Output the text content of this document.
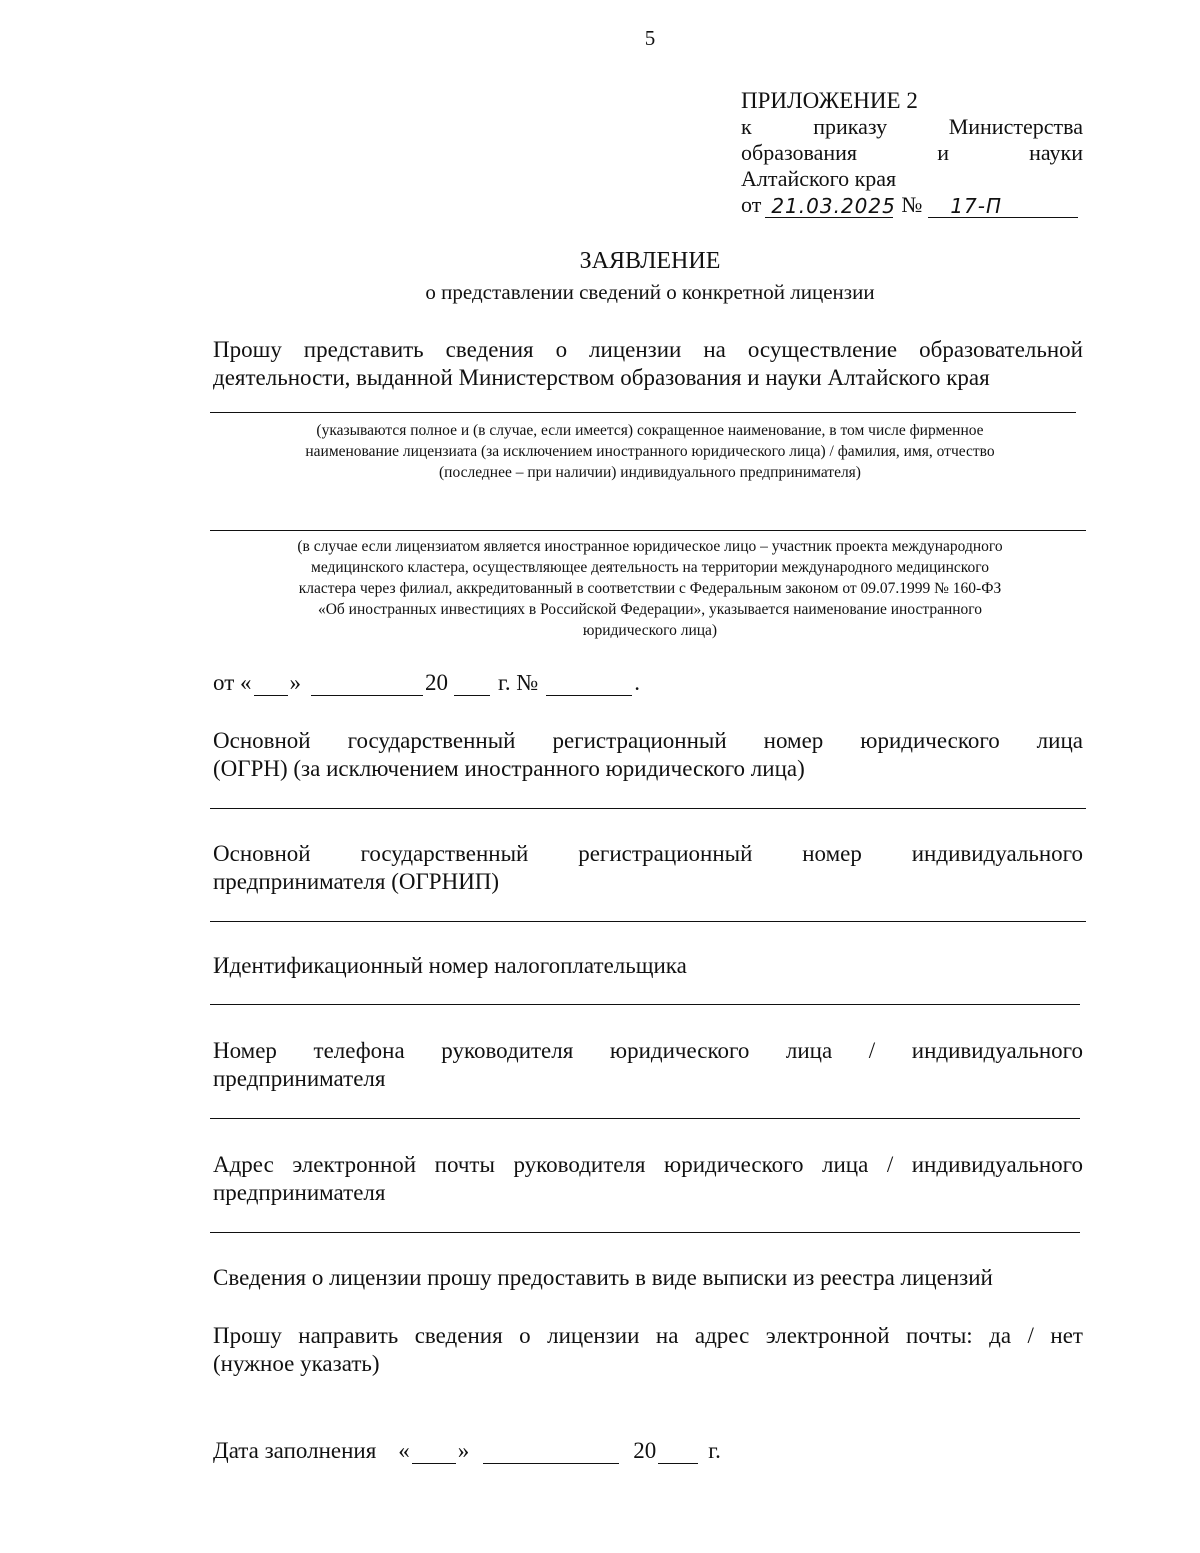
5
ПРИЛОЖЕНИЕ 2
к	приказу	Министерства
образования	и	науки
Алтайского края
от 21.03.2025 №	17-П
ЗАЯВЛЕНИЕ
о представлении сведений о конкретной лицензии
Прошу представить сведения о лицензии на осуществление образовательной
деятельности, выданной Министерством образования и науки Алтайского края
(указываются полное и (в случае, если имеется) сокращенное наименование, в том числе фирменное
наименование лицензиата (за исключением иностранного юридического лица) / фамилия, имя, отчество
(последнее – при наличии) индивидуального предпринимателя)
(в случае если лицензиатом является иностранное юридическое лицо – участник проекта международного
медицинского кластера, осуществляющее деятельность на территории международного медицинского
кластера через филиал, аккредитованный в соответствии с Федеральным законом от 09.07.1999 № 160-ФЗ
«Об иностранных инвестициях в Российской Федерации», указывается наименование иностранного
юридического лица)
от « »	20 г. №	.
Основной государственный регистрационный номер юридического лица
(ОГРН) (за исключением иностранного юридического лица)
Основной государственный регистрационный номер индивидуального
предпринимателя (ОГРНИП)
Идентификационный номер налогоплательщика
Номер телефона руководителя юридического лица / индивидуального
предпринимателя
Адрес электронной почты руководителя юридического лица / индивидуального
предпринимателя
Сведения о лицензии прошу предоставить в виде выписки из реестра лицензий
Прошу направить сведения о лицензии на адрес электронной почты: да / нет
(нужное указать)
Дата заполнения « »	20 г.
